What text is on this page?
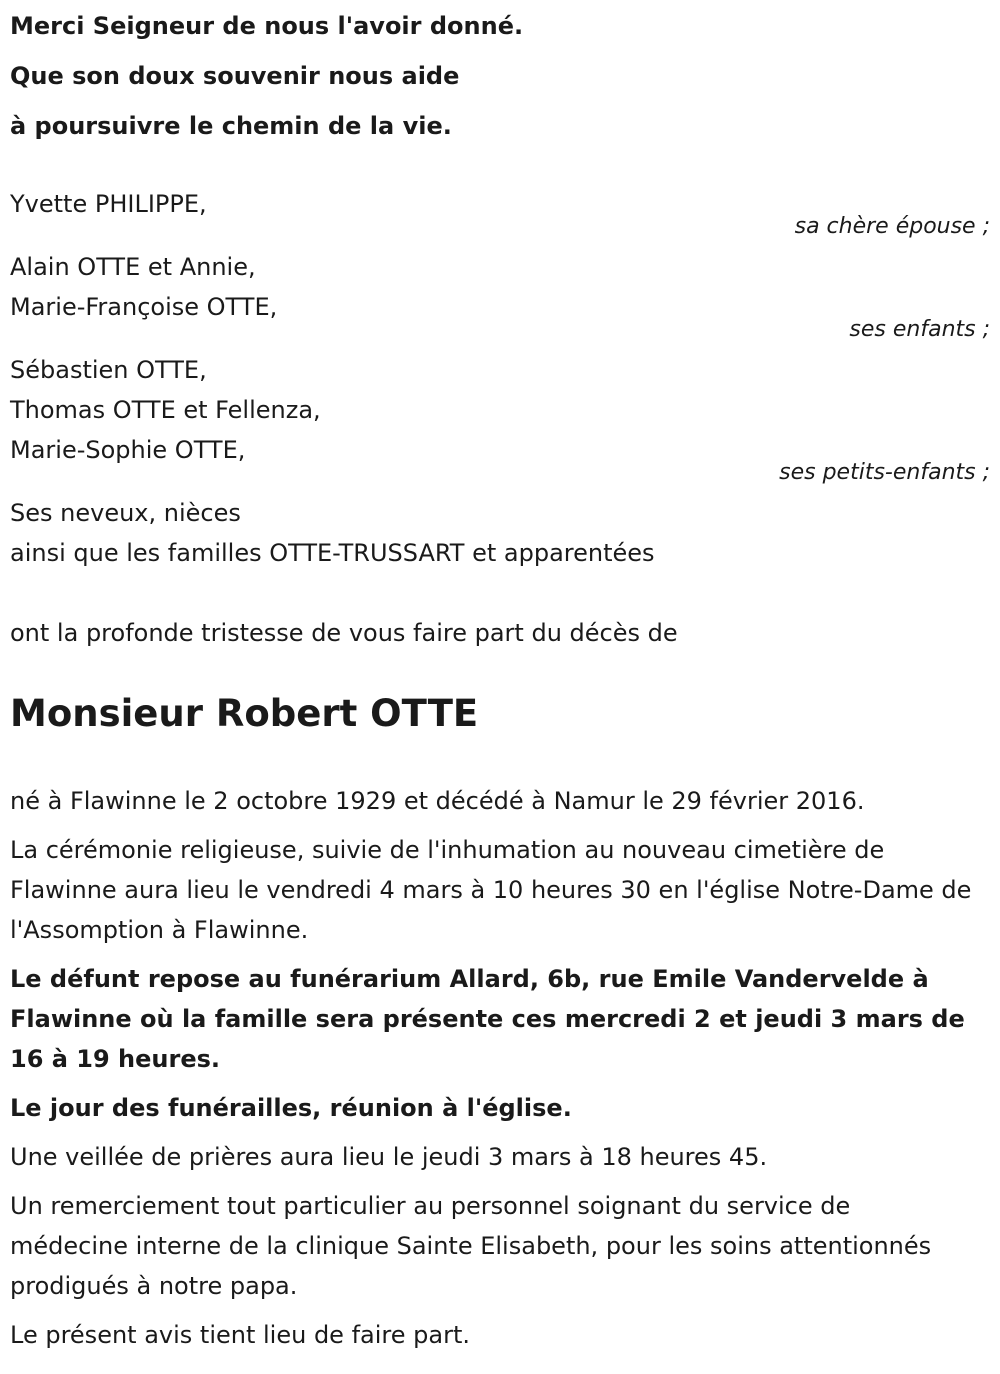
Merci Seigneur de nous l'avoir donné.
Que son doux souvenir nous aide
à poursuivre le chemin de la vie.
Yvette PHILIPPE,
sa chère épouse ;
Alain OTTE et Annie,
Marie-Françoise OTTE,
ses enfants ;
Sébastien OTTE,
Thomas OTTE et Fellenza,
Marie-Sophie OTTE,
ses petits-enfants ;
Ses neveux, nièces
ainsi que les familles OTTE-TRUSSART et apparentées
ont la profonde tristesse de vous faire part du décès de
Monsieur Robert OTTE
né à Flawinne le 2 octobre 1929 et décédé à Namur le 29 février 2016.
La cérémonie religieuse, suivie de l'inhumation au nouveau cimetière de Flawinne aura lieu le vendredi 4 mars à 10 heures 30 en l'église Notre-Dame de l'Assomption à Flawinne.
Le défunt repose au funérarium Allard, 6b, rue Emile Vandervelde à Flawinne où la famille sera présente ces mercredi 2 et jeudi 3 mars de 16 à 19 heures.
Le jour des funérailles, réunion à l'église.
Une veillée de prières aura lieu le jeudi 3 mars à 18 heures 45.
Un remerciement tout particulier au personnel soignant du service de médecine interne de la clinique Sainte Elisabeth, pour les soins attentionnés prodigués à notre papa.
Le présent avis tient lieu de faire part.
